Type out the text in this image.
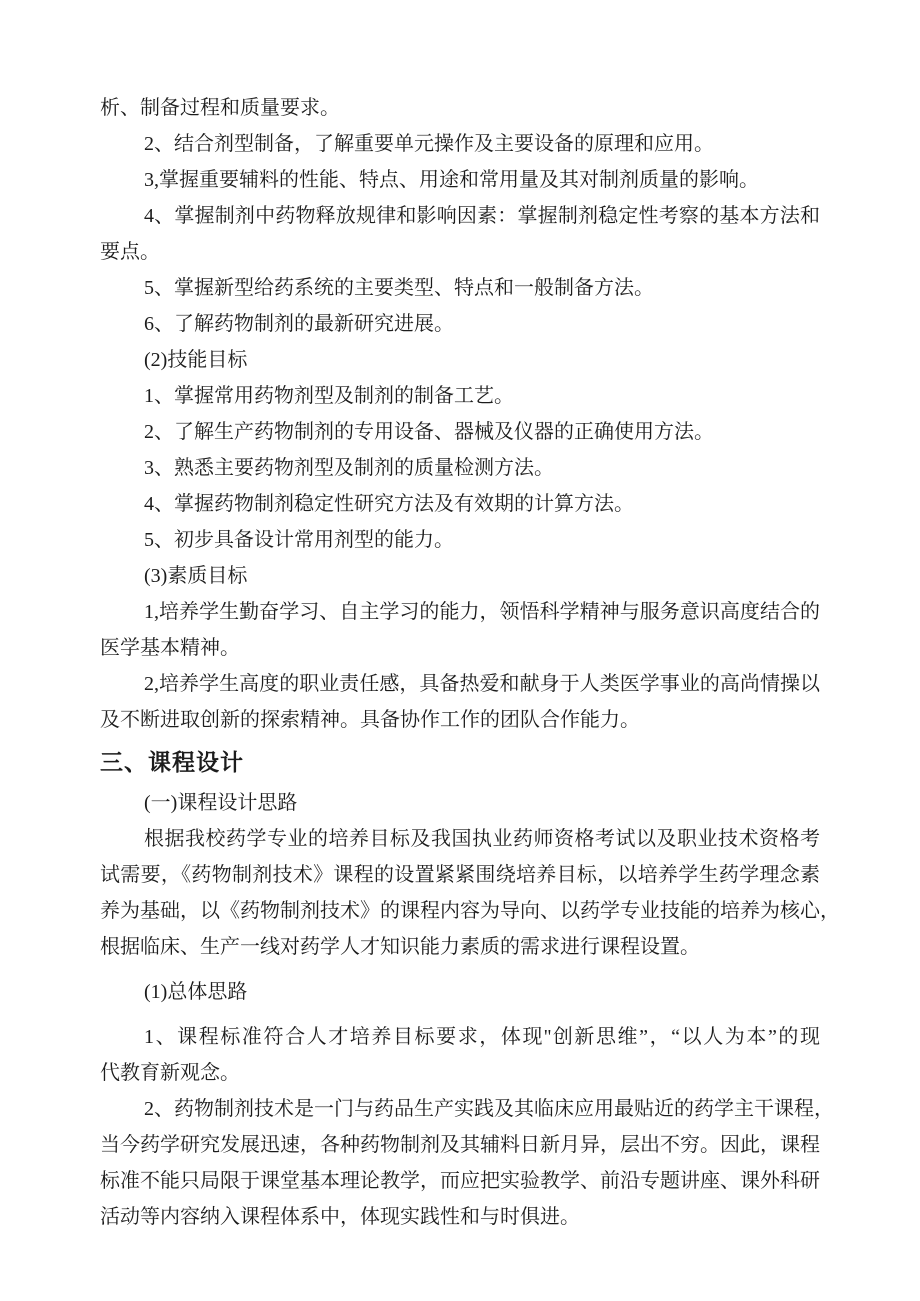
析、制备过程和质量要求。
2、结合剂型制备，了解重要单元操作及主要设备的原理和应用。
3,掌握重要辅料的性能、特点、用途和常用量及其对制剂质量的影响。
4、掌握制剂中药物释放规律和影响因素：掌握制剂稳定性考察的基本方法和
要点。
5、掌握新型给药系统的主要类型、特点和一般制备方法。
6、了解药物制剂的最新研究进展。
(2)技能目标
1、掌握常用药物剂型及制剂的制备工艺。
2、了解生产药物制剂的专用设备、器械及仪器的正确使用方法。
3、熟悉主要药物剂型及制剂的质量检测方法。
4、掌握药物制剂稳定性研究方法及有效期的计算方法。
5、初步具备设计常用剂型的能力。
(3)素质目标
1,培养学生勤奋学习、自主学习的能力，领悟科学精神与服务意识高度结合的
医学基本精神。
2,培养学生高度的职业责任感，具备热爱和献身于人类医学事业的高尚情操以
及不断进取创新的探索精神。具备协作工作的团队合作能力。
三、课程设计
(一)课程设计思路
根据我校药学专业的培养目标及我国执业药师资格考试以及职业技术资格考
试需要，《药物制剂技术》课程的设置紧紧围绕培养目标，以培养学生药学理念素
养为基础，以《药物制剂技术》的课程内容为导向、以药学专业技能的培养为核心，
根据临床、生产一线对药学人才知识能力素质的需求进行课程设置。
(1)总体思路
1、课程标准符合人才培养目标要求，体现''创新思维”，“以人为本”的现
代教育新观念。
2、药物制剂技术是一门与药品生产实践及其临床应用最贴近的药学主干课程，
当今药学研究发展迅速，各种药物制剂及其辅料日新月异，层出不穷。因此，课程
标准不能只局限于课堂基本理论教学，而应把实验教学、前沿专题讲座、课外科研
活动等内容纳入课程体系中，体现实践性和与时俱进。
